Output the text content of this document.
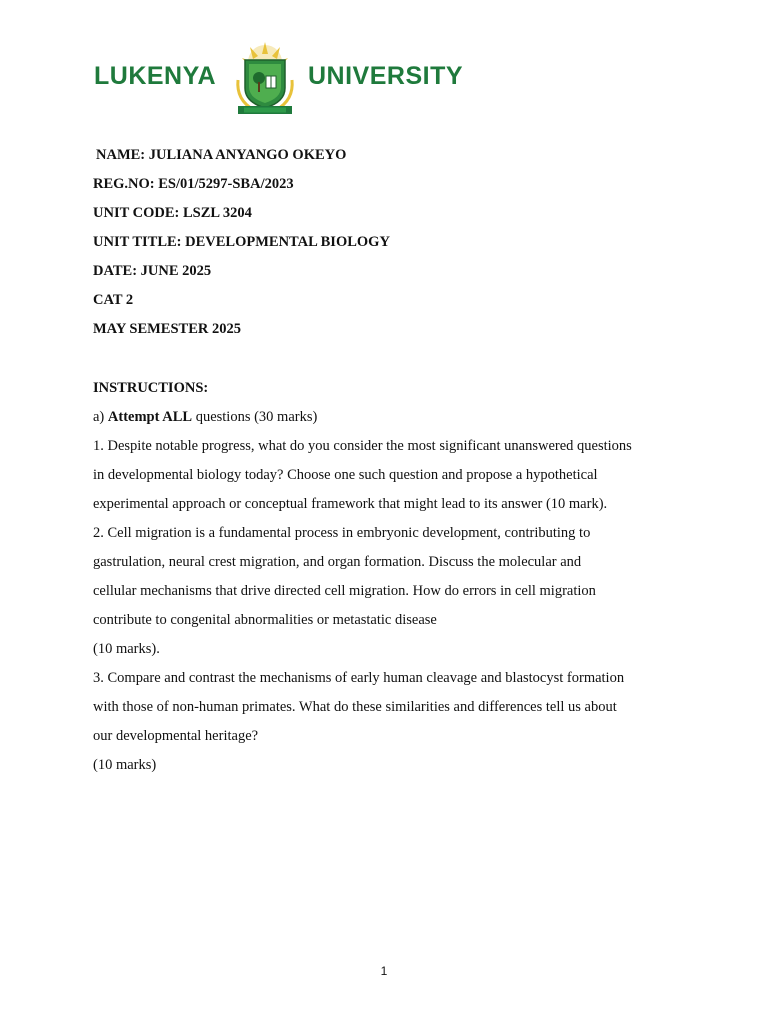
LUKENYA	UNIVERSITY
NAME: JULIANA ANYANGO OKEYO
REG.NO: ES/01/5297-SBA/2023
UNIT CODE: LSZL 3204
UNIT TITLE: DEVELOPMENTAL BIOLOGY
DATE: JUNE 2025
CAT 2
MAY SEMESTER 2025
INSTRUCTIONS:
a) Attempt ALL questions (30 marks)
1. Despite notable progress, what do you consider the most significant unanswered questions
in developmental biology today? Choose one such question and propose a hypothetical
experimental approach or conceptual framework that might lead to its answer (10 mark).
2. Cell migration is a fundamental process in embryonic development, contributing to
gastrulation, neural crest migration, and organ formation. Discuss the molecular and
cellular mechanisms that drive directed cell migration. How do errors in cell migration
contribute to congenital abnormalities or metastatic disease
(10 marks).
3. Compare and contrast the mechanisms of early human cleavage and blastocyst formation
with those of non-human primates. What do these similarities and differences tell us about
our developmental heritage?
(10 marks)
1
